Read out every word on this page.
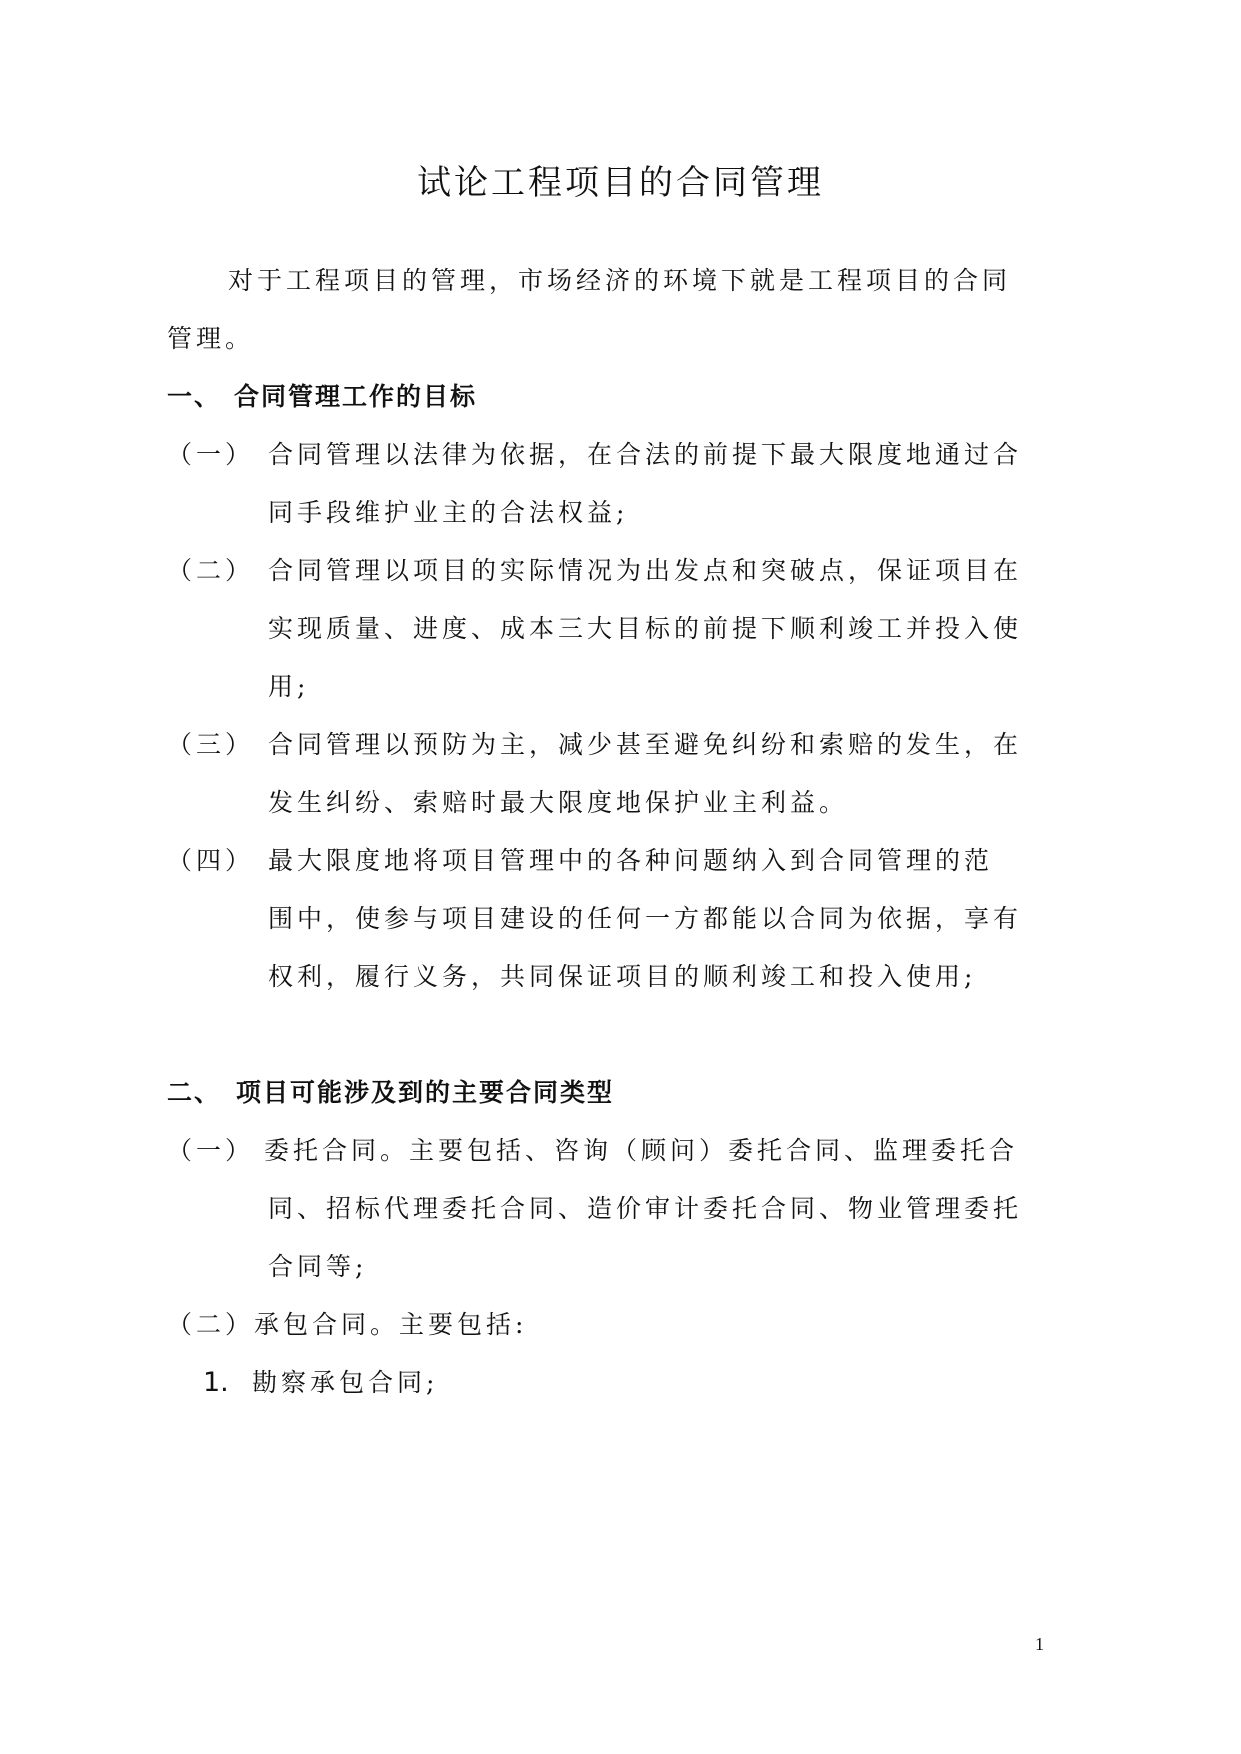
试论工程项目的合同管理
对于工程项目的管理，市场经济的环境下就是工程项目的合同
管理。
一、 合同管理工作的目标
（一） 合同管理以法律为依据，在合法的前提下最大限度地通过合
同手段维护业主的合法权益;
（二） 合同管理以项目的实际情况为出发点和突破点，保证项目在
实现质量、进度、成本三大目标的前提下顺利竣工并投入使
用;
（三） 合同管理以预防为主，减少甚至避免纠纷和索赔的发生，在
发生纠纷、索赔时最大限度地保护业主利益。
（四） 最大限度地将项目管理中的各种问题纳入到合同管理的范
围中，使参与项目建设的任何一方都能以合同为依据，享有
权利，履行义务，共同保证项目的顺利竣工和投入使用;
二、 项目可能涉及到的主要合同类型
（一） 委托合同。主要包括、咨询（顾问）委托合同、监理委托合
同、招标代理委托合同、造价审计委托合同、物业管理委托
合同等;
（二）承包合同。主要包括:
1. 勘察承包合同;
1
